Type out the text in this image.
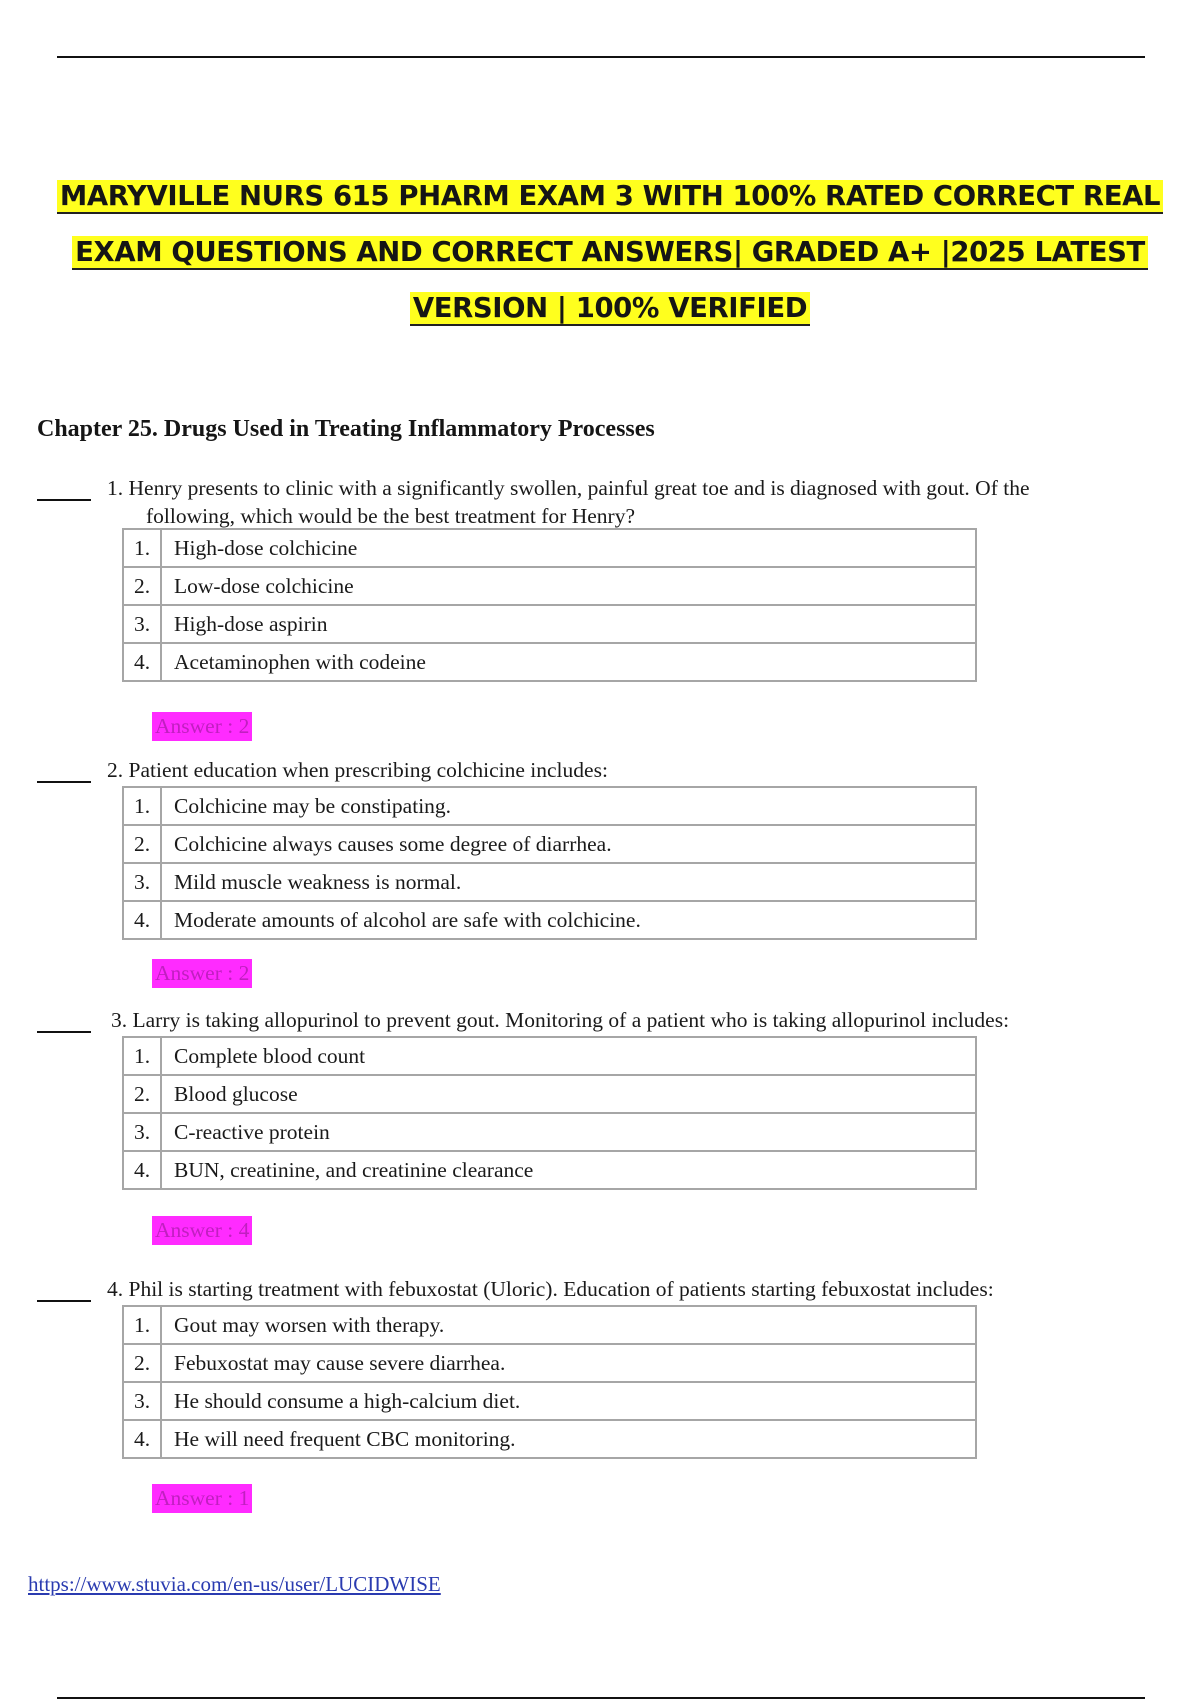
MARYVILLE NURS 615 PHARM EXAM 3 WITH 100% RATED CORRECT REAL
EXAM QUESTIONS AND CORRECT ANSWERS| GRADED A+ |2025 LATEST
VERSION | 100% VERIFIED
Chapter 25. Drugs Used in Treating Inflammatory Processes
1. Henry presents to clinic with a significantly swollen, painful great toe and is diagnosed with gout. Of the
following, which would be the best treatment for Henry?
1.	High-dose colchicine
2.	Low-dose colchicine
3.	High-dose aspirin
4.	Acetaminophen with codeine
Answer : 2
2. Patient education when prescribing colchicine includes:
1.	Colchicine may be constipating.
2.	Colchicine always causes some degree of diarrhea.
3.	Mild muscle weakness is normal.
4.	Moderate amounts of alcohol are safe with colchicine.
Answer : 2
3. Larry is taking allopurinol to prevent gout. Monitoring of a patient who is taking allopurinol includes:
1.	Complete blood count
2.	Blood glucose
3.	C-reactive protein
4.	BUN, creatinine, and creatinine clearance
Answer : 4
4. Phil is starting treatment with febuxostat (Uloric). Education of patients starting febuxostat includes:
1.	Gout may worsen with therapy.
2.	Febuxostat may cause severe diarrhea.
3.	He should consume a high-calcium diet.
4.	He will need frequent CBC monitoring.
Answer : 1
https://www.stuvia.com/en-us/user/LUCIDWISE
